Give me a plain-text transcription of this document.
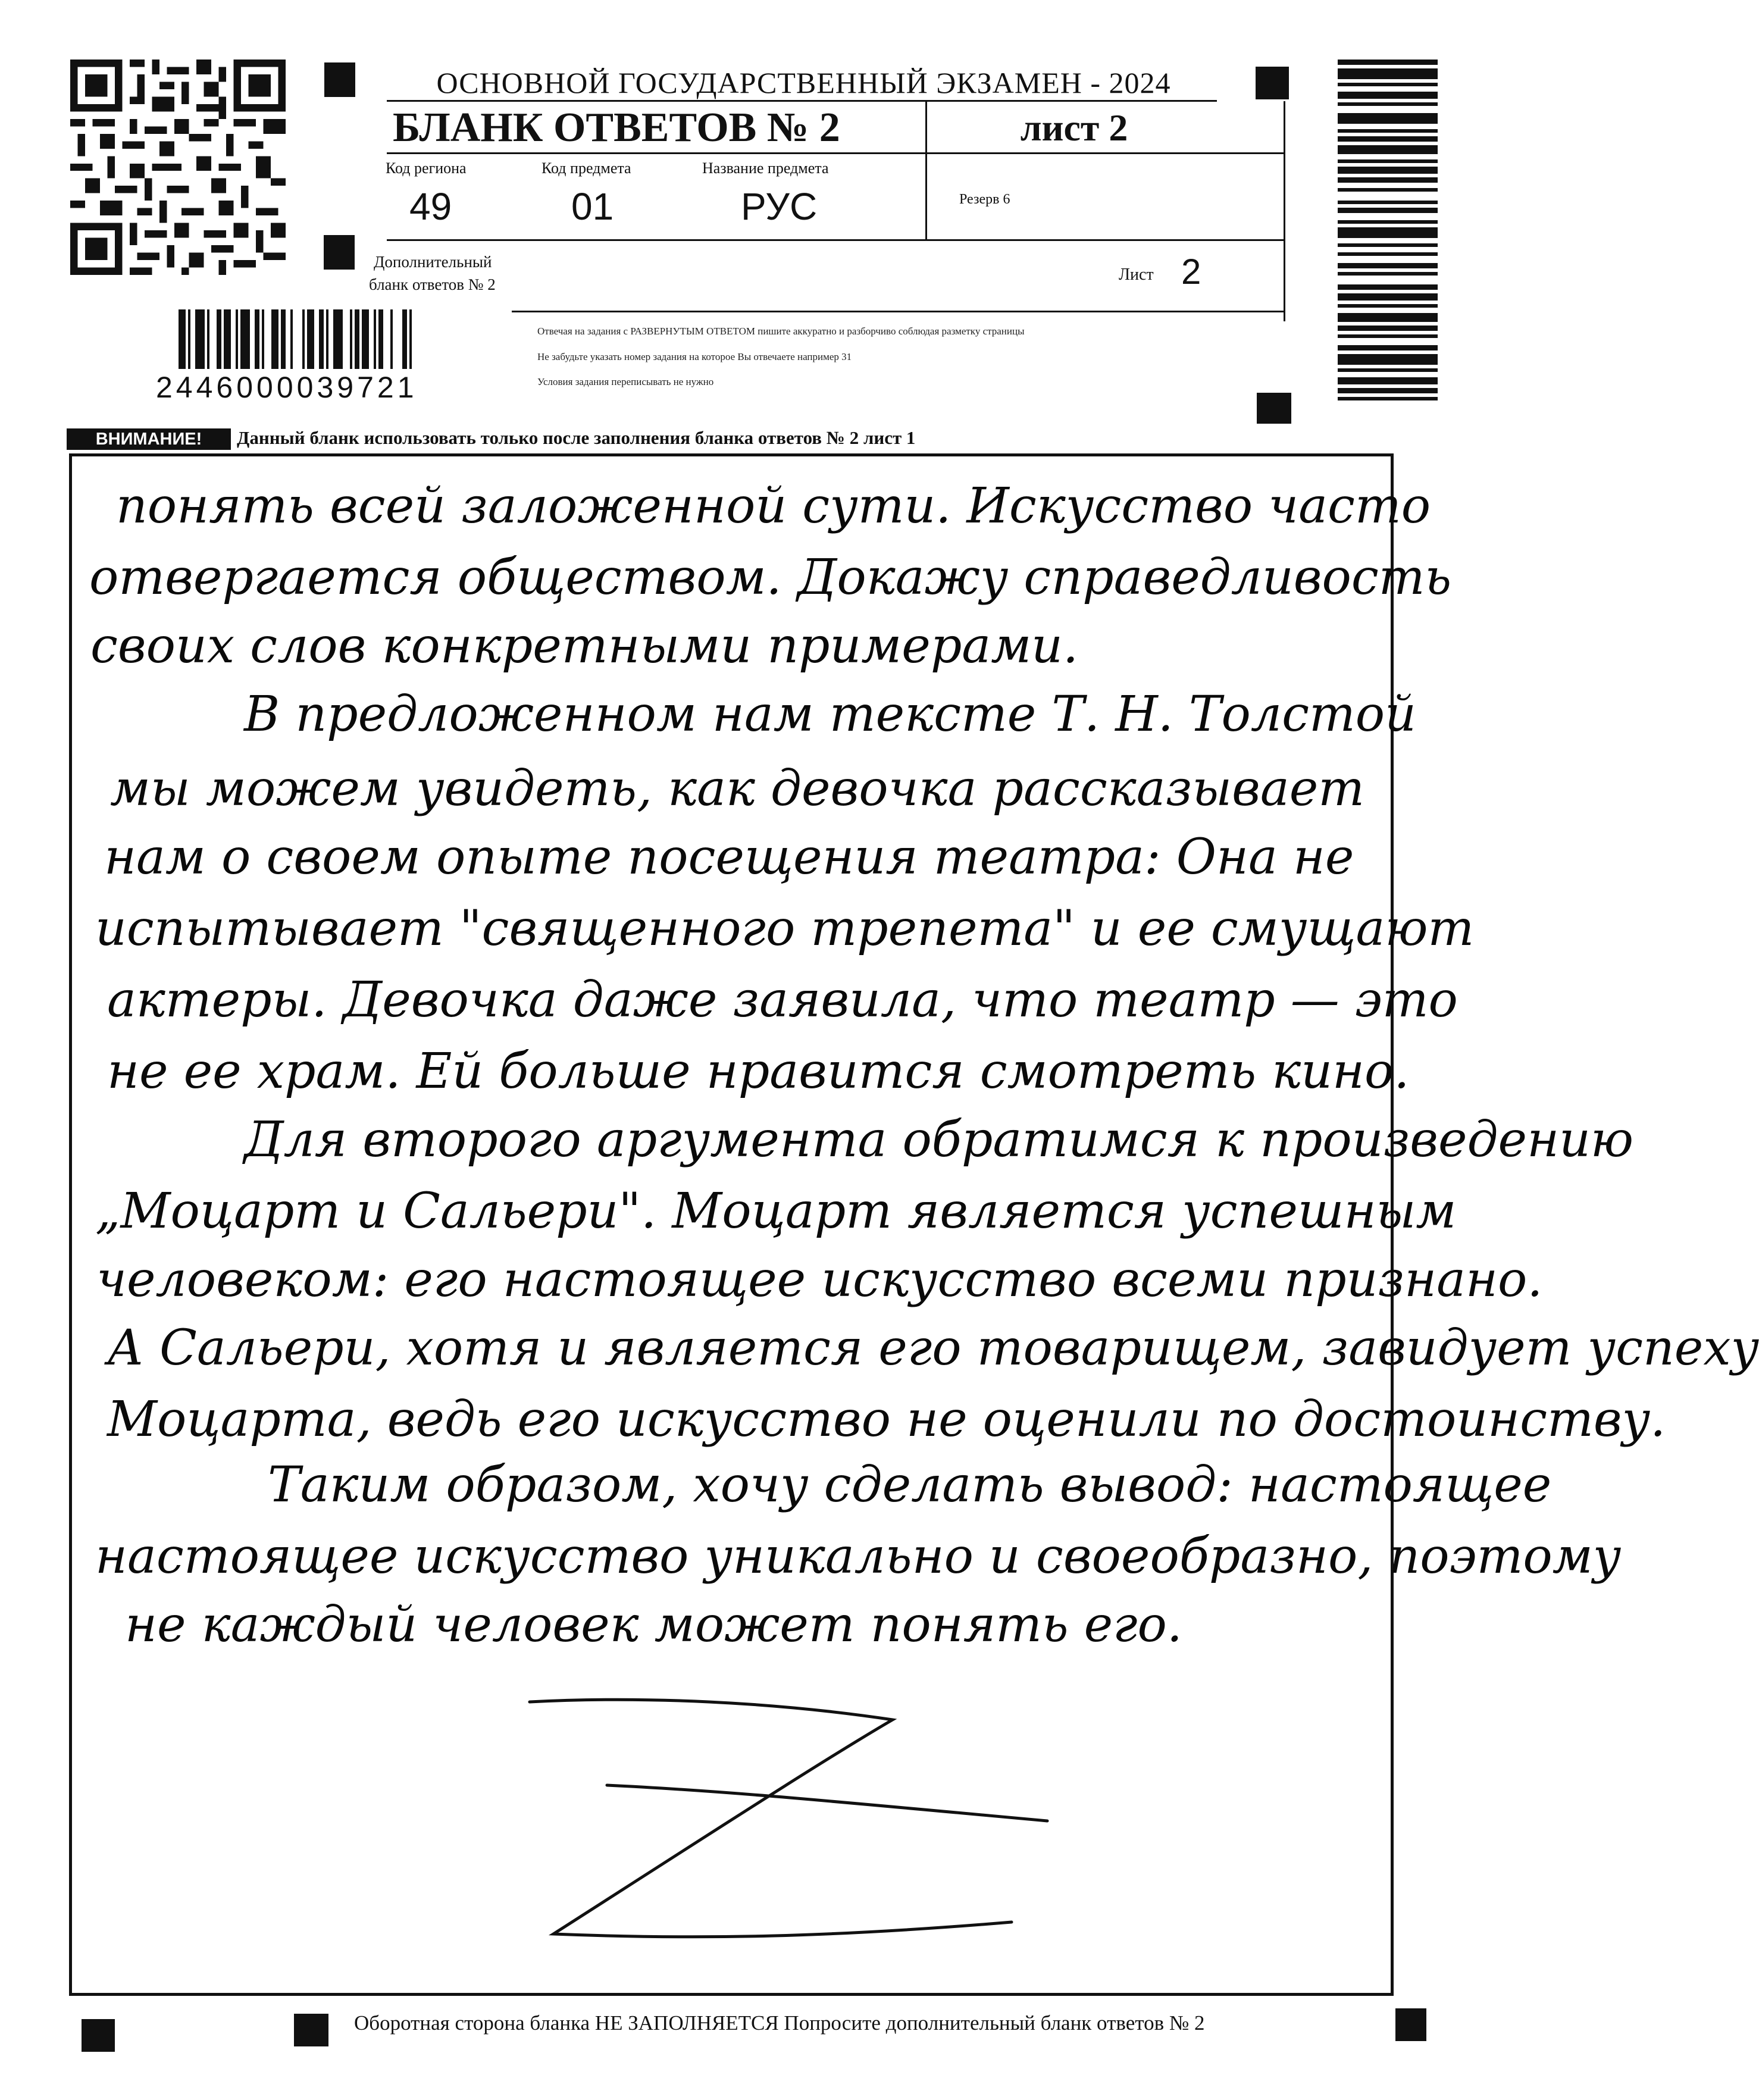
ОСНОВНОЙ ГОСУДАРСТВЕННЫЙ ЭКЗАМЕН - 2024
БЛАНК ОТВЕТОВ № 2	лист 2
Код региона
49
Код предмета
01
Название предмета
РУС	Резерв 6
Дополнительный
бланк ответов № 2
Лист 2
2446000039721
Отвечая на задания с РАЗВЕРНУТЫМ ОТВЕТОМ пишите аккуратно и разборчиво соблюдая разметку страницы
Не забудьте указать номер задания на которое Вы отвечаете например 31
Условия задания переписывать не нужно
ВНИМАНИЕ!	Данный бланк использовать только после заполнения бланка ответов № 2 лист 1
понять всей заложенной сути. Искусство часто
отвергается обществом. Докажу справедливость
своих слов конкретными примерами.
В предложенном нам тексте Т. Н. Толстой
мы можем увидеть, как девочка рассказывает
нам о своем опыте посещения театра: Она не
испытывает "священного трепета" и ее смущают
актеры. Девочка даже заявила, что театр — это
не ее храм. Ей больше нравится смотреть кино.
Для второго аргумента обратимся к произведению
„Моцарт и Сальери". Моцарт является успешным
человеком: его настоящее искусство всеми признано.
А Сальери, хотя и является его товарищем, завидует успеху
Моцарта, ведь его искусство не оценили по достоинству.
Таким образом, хочу сделать вывод: настоящее
настоящее искусство уникально и своеобразно, поэтому
не каждый человек может понять его.
Оборотная сторона бланка НЕ ЗАПОЛНЯЕТСЯ Попросите дополнительный бланк ответов № 2
